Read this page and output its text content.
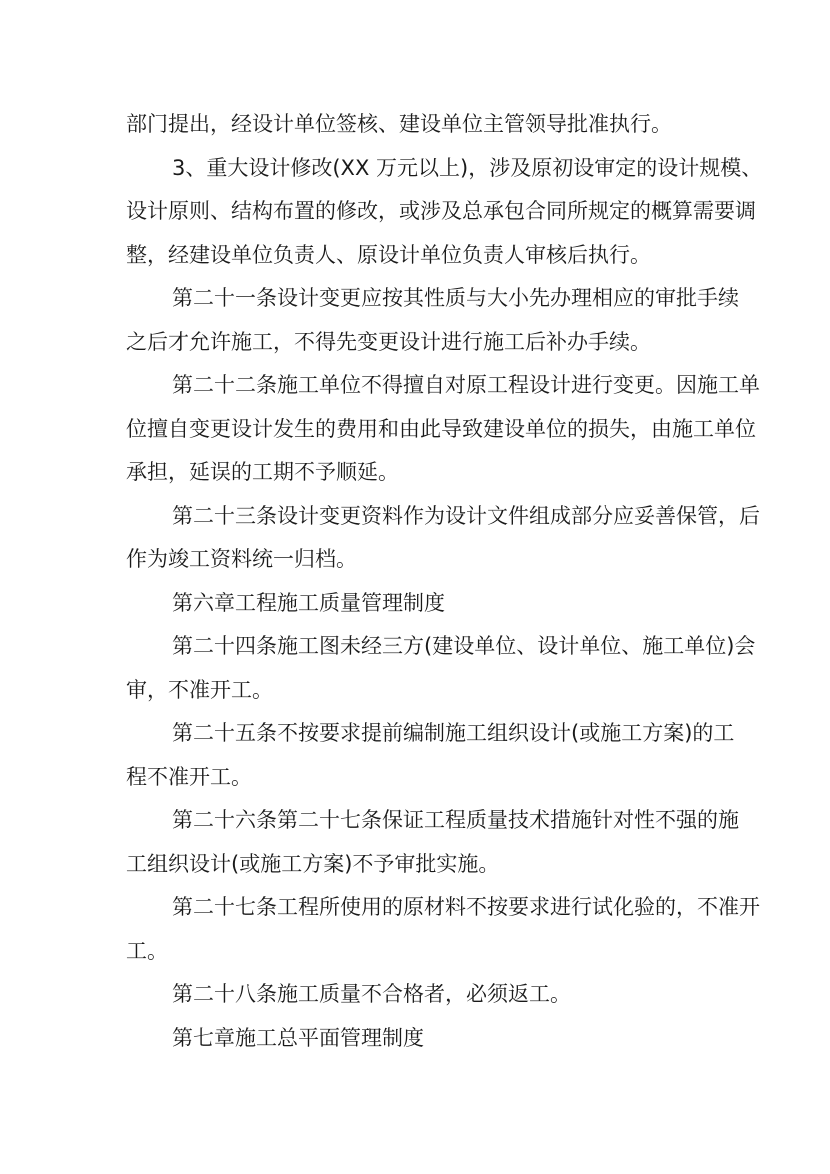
部门提出，经设计单位签核、建设单位主管领导批准执行。
3、重大设计修改(XX 万元以上)，涉及原初设审定的设计规模、
设计原则、结构布置的修改，或涉及总承包合同所规定的概算需要调
整，经建设单位负责人、原设计单位负责人审核后执行。
第二十一条设计变更应按其性质与大小先办理相应的审批手续
之后才允许施工，不得先变更设计进行施工后补办手续。
第二十二条施工单位不得擅自对原工程设计进行变更。因施工单
位擅自变更设计发生的费用和由此导致建设单位的损失，由施工单位
承担，延误的工期不予顺延。
第二十三条设计变更资料作为设计文件组成部分应妥善保管，后
作为竣工资料统一归档。
第六章工程施工质量管理制度
第二十四条施工图未经三方(建设单位、设计单位、施工单位)会
审，不准开工。
第二十五条不按要求提前编制施工组织设计(或施工方案)的工
程不准开工。
第二十六条第二十七条保证工程质量技术措施针对性不强的施
工组织设计(或施工方案)不予审批实施。
第二十七条工程所使用的原材料不按要求进行试化验的，不准开
工。
第二十八条施工质量不合格者，必须返工。
第七章施工总平面管理制度
